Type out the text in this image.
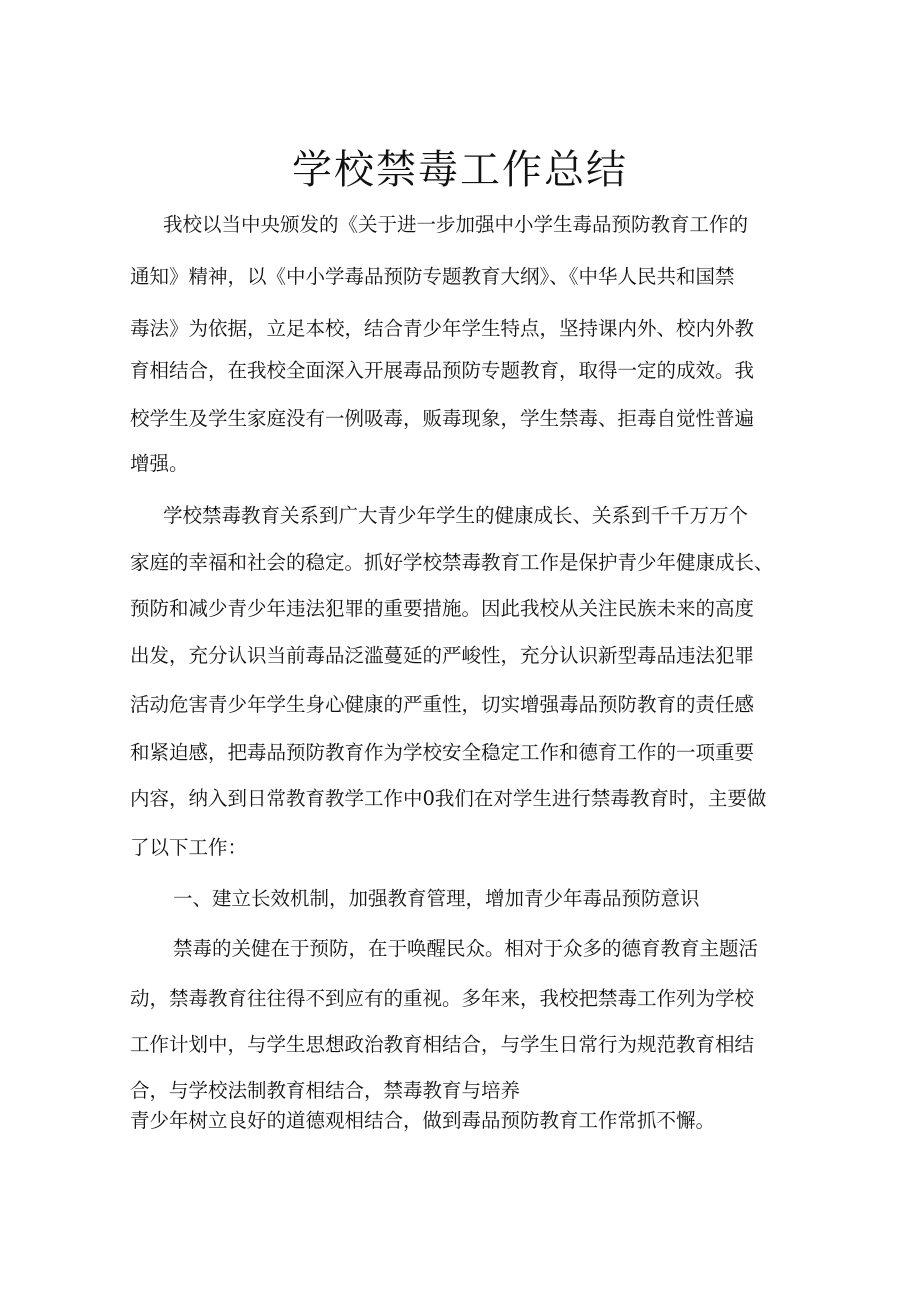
学校禁毒工作总结

我校以当中央颁发的《关于进一步加强中小学生毒品预防教育工作的

通知》精神，以《中小学毒品预防专题教育大纲》、《中华人民共和国禁

毒法》为依据，立足本校，结合青少年学生特点，坚持课内外、校内外教

育相结合，在我校全面深入开展毒品预防专题教育，取得一定的成效。我

校学生及学生家庭没有一例吸毒，贩毒现象，学生禁毒、拒毒自觉性普遍

增强。

学校禁毒教育关系到广大青少年学生的健康成长、关系到千千万万个

家庭的幸福和社会的稳定。抓好学校禁毒教育工作是保护青少年健康成长、

预防和减少青少年违法犯罪的重要措施。因此我校从关注民族未来的高度

出发，充分认识当前毒品泛滥蔓延的严峻性，充分认识新型毒品违法犯罪

活动危害青少年学生身心健康的严重性，切实增强毒品预防教育的责任感

和紧迫感，把毒品预防教育作为学校安全稳定工作和德育工作的一项重要

内容，纳入到日常教育教学工作中0我们在对学生进行禁毒教育时，主要做

了以下工作：

一、建立长效机制，加强教育管理，增加青少年毒品预防意识

禁毒的关健在于预防，在于唤醒民众。相对于众多的德育教育主题活

动，禁毒教育往往得不到应有的重视。多年来，我校把禁毒工作列为学校

工作计划中，与学生思想政治教育相结合，与学生日常行为规范教育相结

合，与学校法制教育相结合，禁毒教育与培养

青少年树立良好的道德观相结合，做到毒品预防教育工作常抓不懈。
